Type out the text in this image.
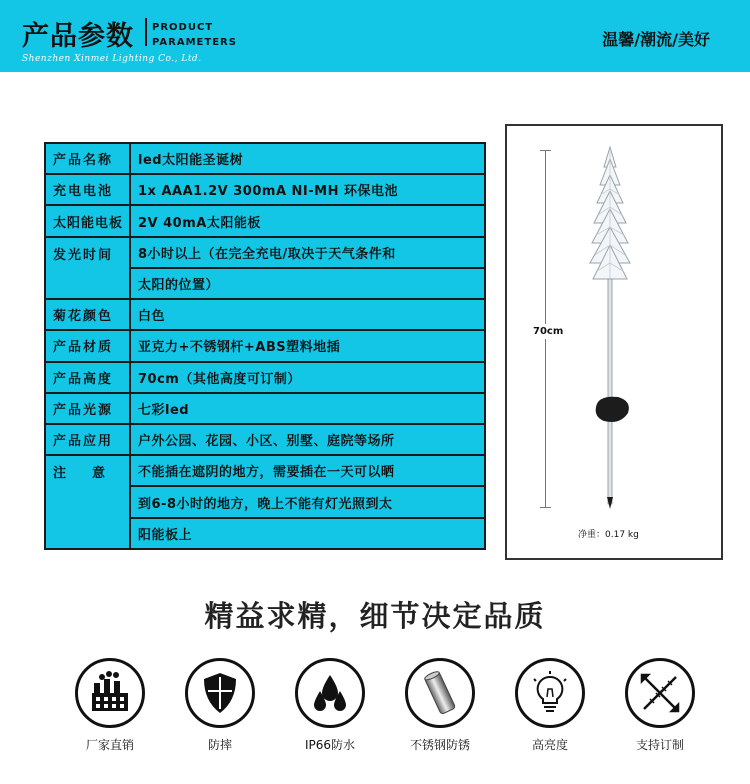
产品参数 PRODUCT
PARAMETERS
Shenzhen Xinmei Lighting Co., Ltd.
温馨/潮流/美好
产品名称	led太阳能圣诞树
充电电池	1x AAA1.2V 300mA NI-MH 环保电池
太阳能电板	2V 40mA太阳能板
发光时间	8小时以上（在完全充电/取决于天气条件和
	太阳的位置）
菊花颜色	白色
产品材质	亚克力+不锈钢杆+ABS塑料地插
产品高度	70cm（其他高度可订制）
产品光源	七彩led
产品应用	户外公园、花园、小区、别墅、庭院等场所
注　　意	不能插在遮阴的地方，需要插在一天可以晒
	到6-8小时的地方，晚上不能有灯光照到太
	阳能板上
70cm
净重：0.17 kg
精益求精，细节决定品质
厂家直销	防摔	IP66防水	不锈钢防锈	高亮度	支持订制
